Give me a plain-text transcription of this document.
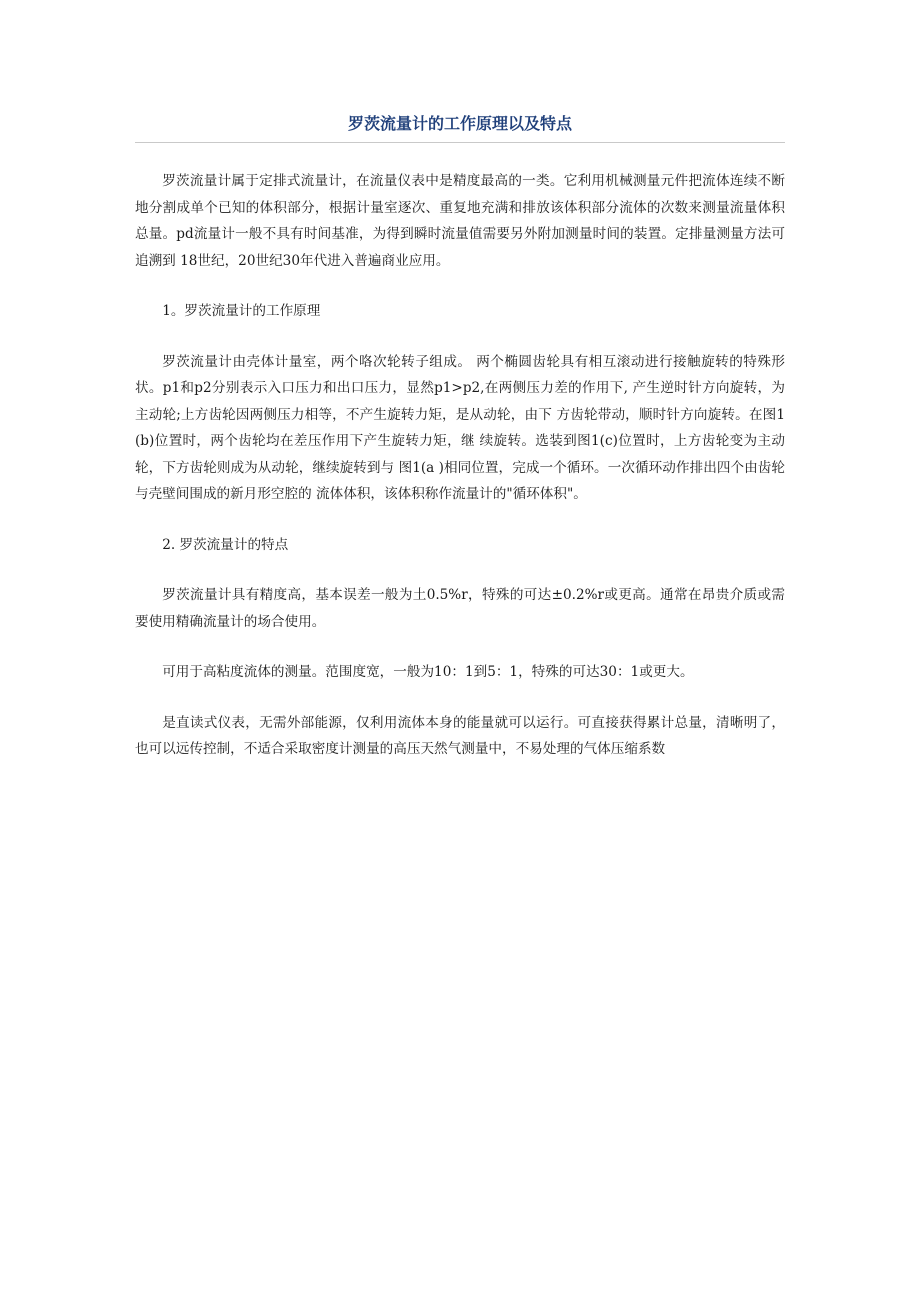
罗茨流量计的工作原理以及特点

罗茨流量计属于定排式流量计，在流量仪表中是精度最高的一类。它利用机械测量元件把流体连续不断地分割成单个已知的体积部分，根据计量室逐次、重复地充满和排放该体积部分流体的次数来测量流量体积总量。pd流量计一般不具有时间基准，为得到瞬时流量值需要另外附加测量时间的装置。定排量测量方法可追溯到 18世纪，20世纪30年代进入普遍商业应用。

1。罗茨流量计的工作原理

罗茨流量计由壳体计量室，两个咯次轮转子组成。 两个椭圆齿轮具有相互滚动进行接触旋转的特殊形状。p1和p2分别表示入口压力和出口压力，显然p1>p2,在两侧压力差的作用下, 产生逆时针方向旋转，为主动轮;上方齿轮因两侧压力相等，不产生旋转力矩，是从动轮，由下 方齿轮带动，顺时针方向旋转。在图1(b)位置时，两个齿轮均在差压作用下产生旋转力矩，继 续旋转。选装到图1(c)位置时，上方齿轮变为主动轮，下方齿轮则成为从动轮，继续旋转到与 图1(a )相同位置，完成一个循环。一次循环动作排出四个由齿轮与壳壁间围成的新月形空腔的 流体体积，该体积称作流量计的"循环体积"。

2. 罗茨流量计的特点

罗茨流量计具有精度高，基本误差一般为土0.5%r，特殊的可达±0.2%r或更高。通常在昂贵介质或需要使用精确流量计的场合使用。

可用于高粘度流体的测量。范围度宽，一般为10：1到5：1，特殊的可达30：1或更大。

是直读式仪表，无需外部能源，仅利用流体本身的能量就可以运行。可直接获得累计总量，清晰明了，也可以远传控制，不适合采取密度计测量的高压天然气测量中，不易处理的气体压缩系数
